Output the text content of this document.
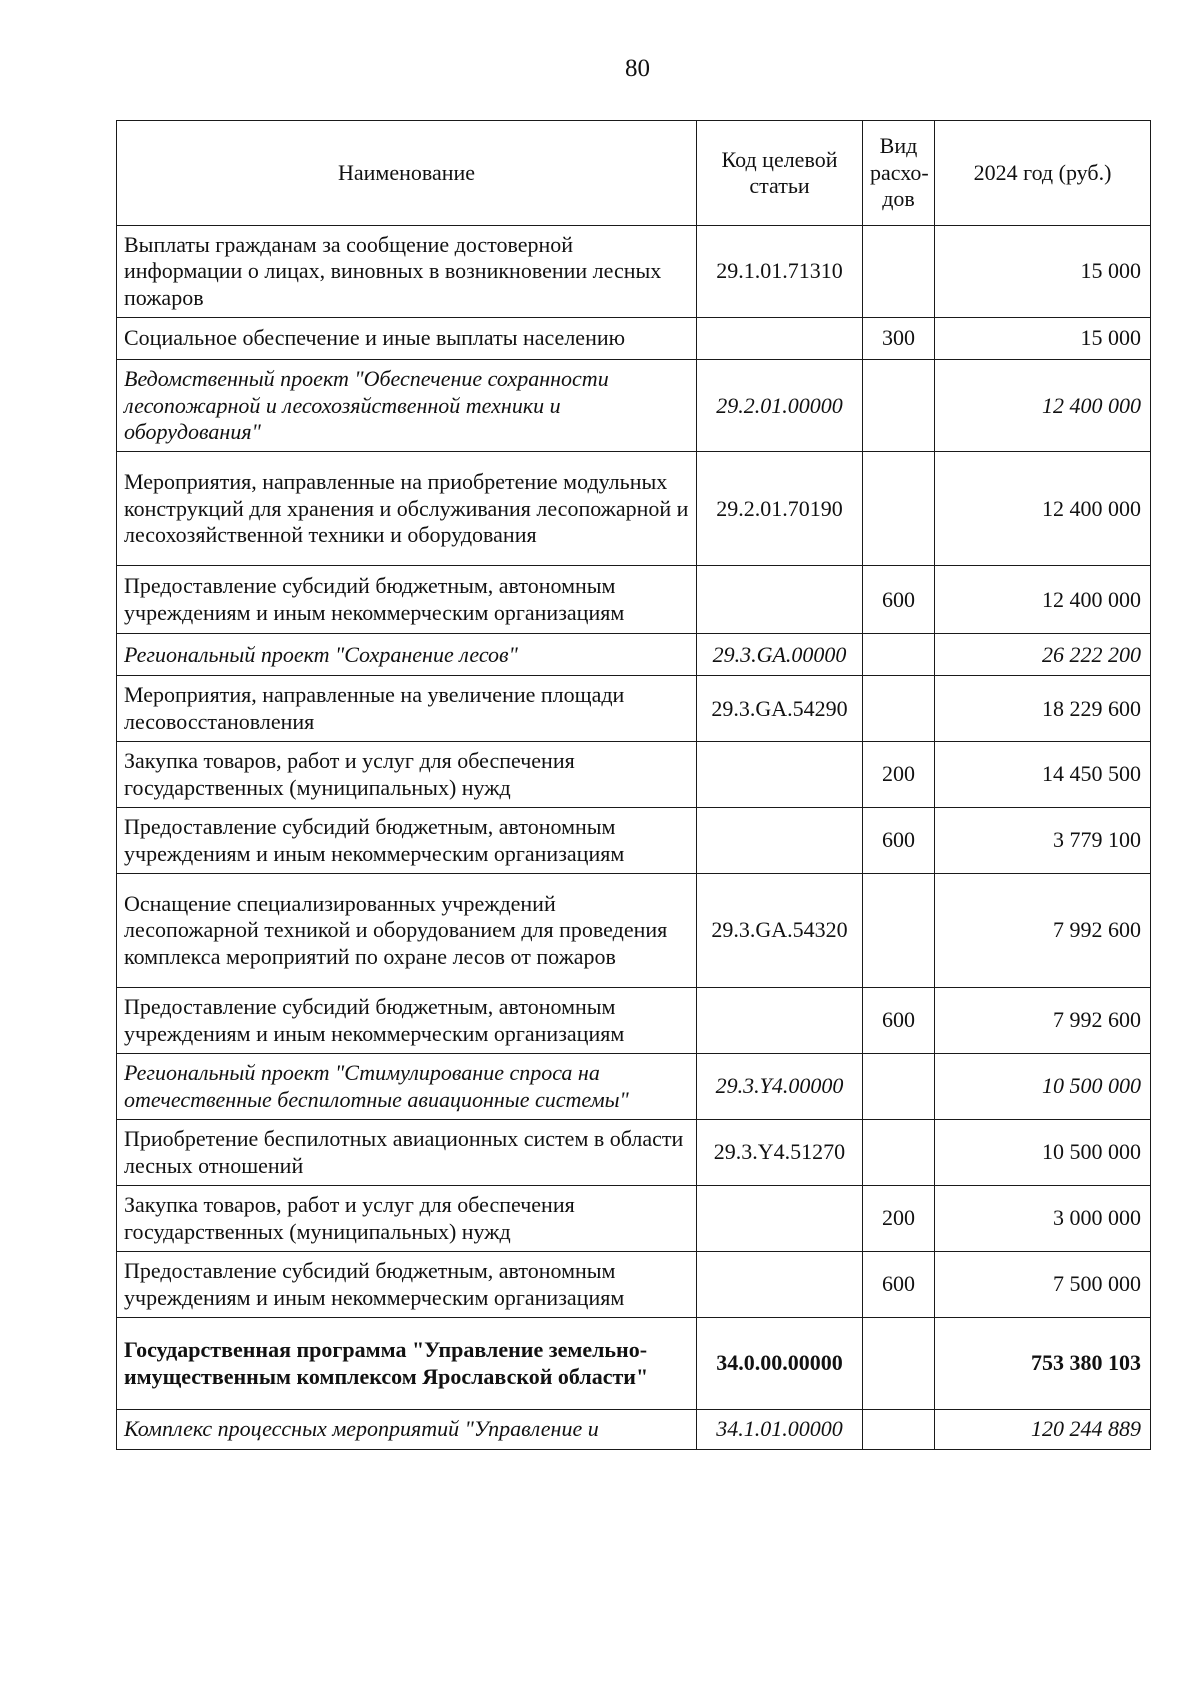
80
Наименование	Код целевой статьи	Вид расхо-дов	2024 год (руб.)
Выплаты гражданам за сообщение достоверной информации о лицах, виновных в возникновении лесных пожаров	29.1.01.71310		15 000
Социальное обеспечение и иные выплаты населению		300	15 000
Ведомственный проект "Обеспечение сохранности лесопожарной и лесохозяйственной техники и оборудования"	29.2.01.00000		12 400 000
Мероприятия, направленные на приобретение модульных конструкций для хранения и обслуживания лесопожарной и лесохозяйственной техники и оборудования	29.2.01.70190		12 400 000
Предоставление субсидий бюджетным, автономным учреждениям и иным некоммерческим организациям		600	12 400 000
Региональный проект "Сохранение лесов"	29.3.GA.00000		26 222 200
Мероприятия, направленные на увеличение площади лесовосстановления	29.3.GA.54290		18 229 600
Закупка товаров, работ и услуг для обеспечения государственных (муниципальных) нужд		200	14 450 500
Предоставление субсидий бюджетным, автономным учреждениям и иным некоммерческим организациям		600	3 779 100
Оснащение специализированных учреждений лесопожарной техникой и оборудованием для проведения комплекса мероприятий по охране лесов от пожаров	29.3.GA.54320		7 992 600
Предоставление субсидий бюджетным, автономным учреждениям и иным некоммерческим организациям		600	7 992 600
Региональный проект "Стимулирование спроса на отечественные беспилотные авиационные системы"	29.3.Y4.00000		10 500 000
Приобретение беспилотных авиационных систем в области лесных отношений	29.3.Y4.51270		10 500 000
Закупка товаров, работ и услуг для обеспечения государственных (муниципальных) нужд		200	3 000 000
Предоставление субсидий бюджетным, автономным учреждениям и иным некоммерческим организациям		600	7 500 000
Государственная программа "Управление земельно-имущественным комплексом Ярославской области"	34.0.00.00000		753 380 103
Комплекс процессных мероприятий "Управление и	34.1.01.00000		120 244 889
